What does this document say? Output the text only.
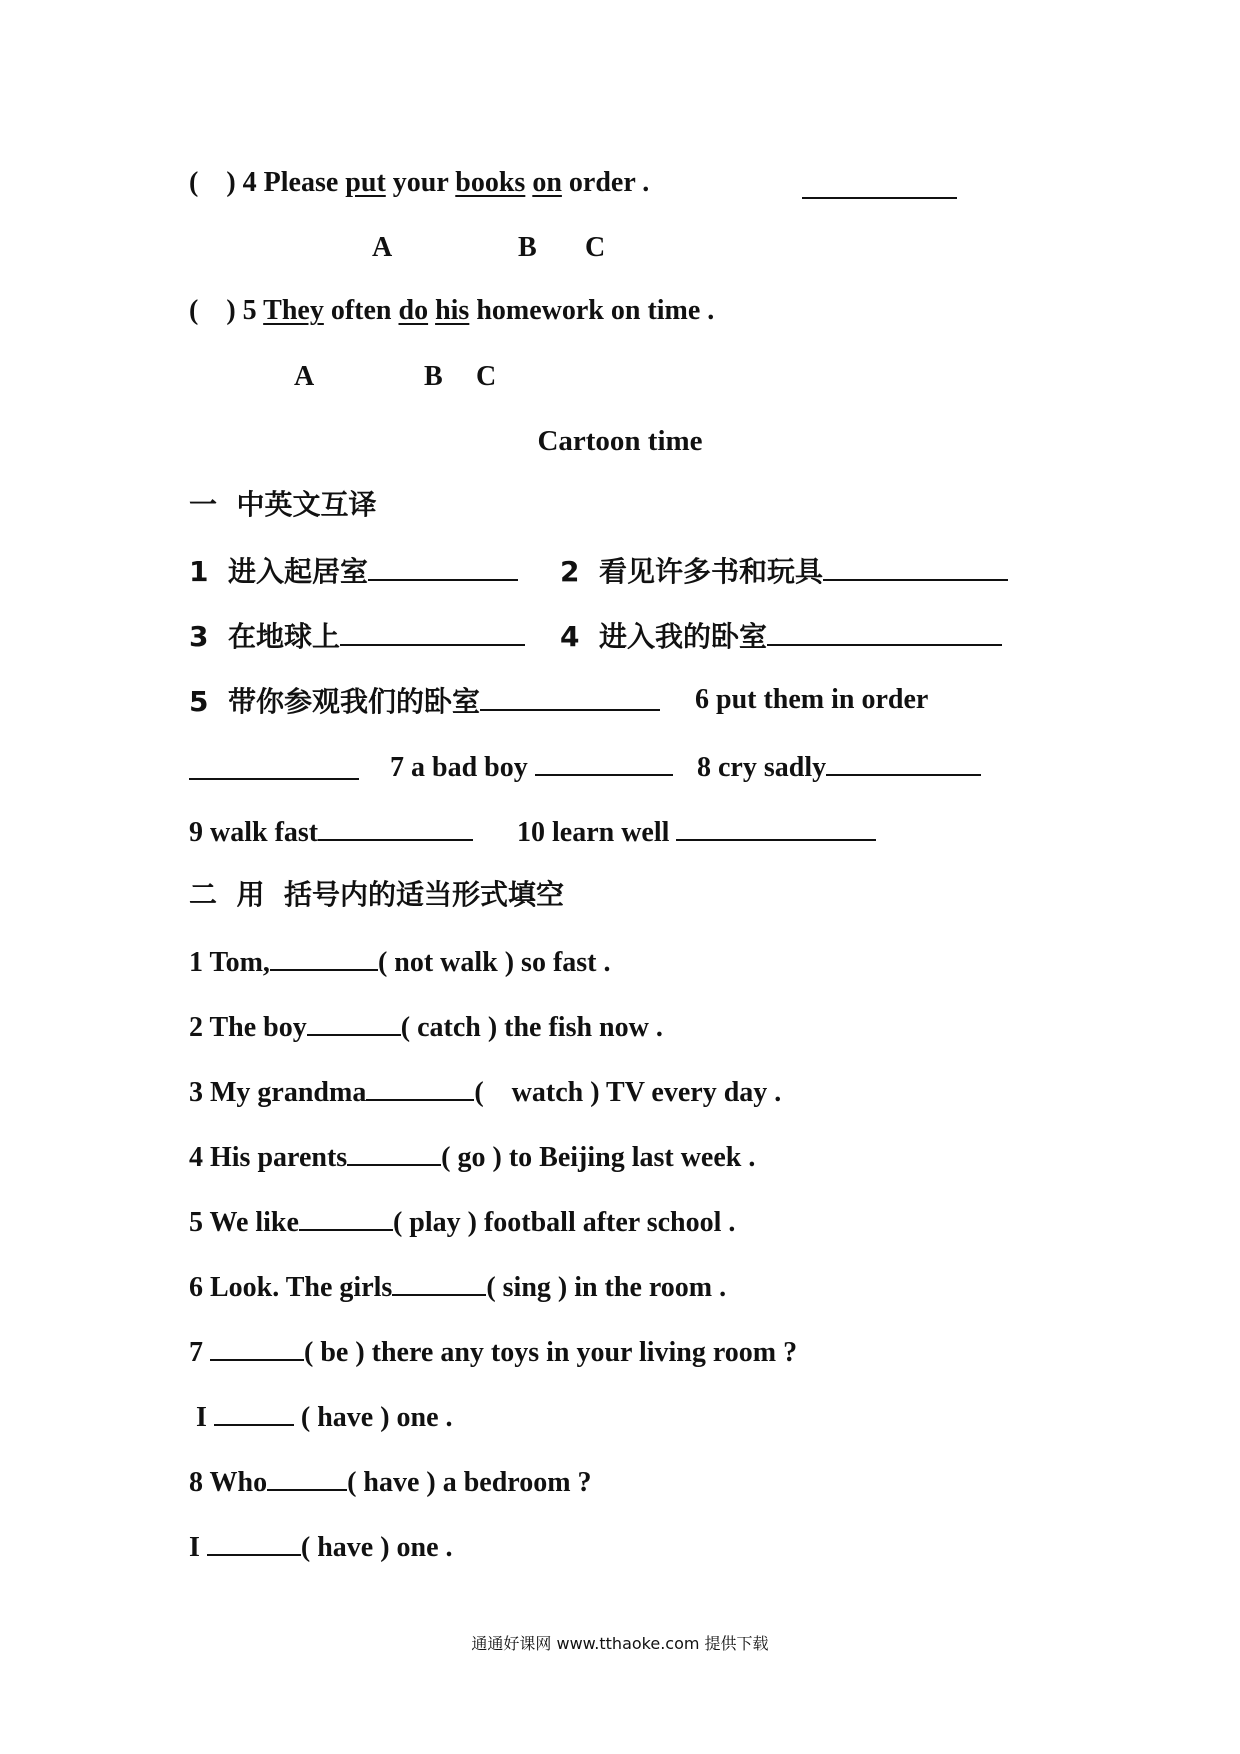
(    ) 4 Please put your books on order .
A	B C
(    ) 5 They often do his homework on time .
A	B C
Cartoon time
一  中英文互译
1  进入起居室	2  看见许多书和玩具
3  在地球上	4  进入我的卧室
5  带你参观我们的卧室	6 put them in order
7 a bad boy	8 cry sadly
9 walk fast	10 learn well
二  用  括号内的适当形式填空
1 Tom,	( not walk ) so fast .
2 The boy	( catch ) the fish now .
3 My grandma	(    watch ) TV every day .
4 His parents	( go ) to Beijing last week .
5 We like	( play ) football after school .
6 Look. The girls	( sing ) in the room .
7	( be ) there any toys in your living room ?
I	( have ) one .
8 Who	( have ) a bedroom ?
I	( have ) one .
通通好课网 www.tthaoke.com 提供下载
